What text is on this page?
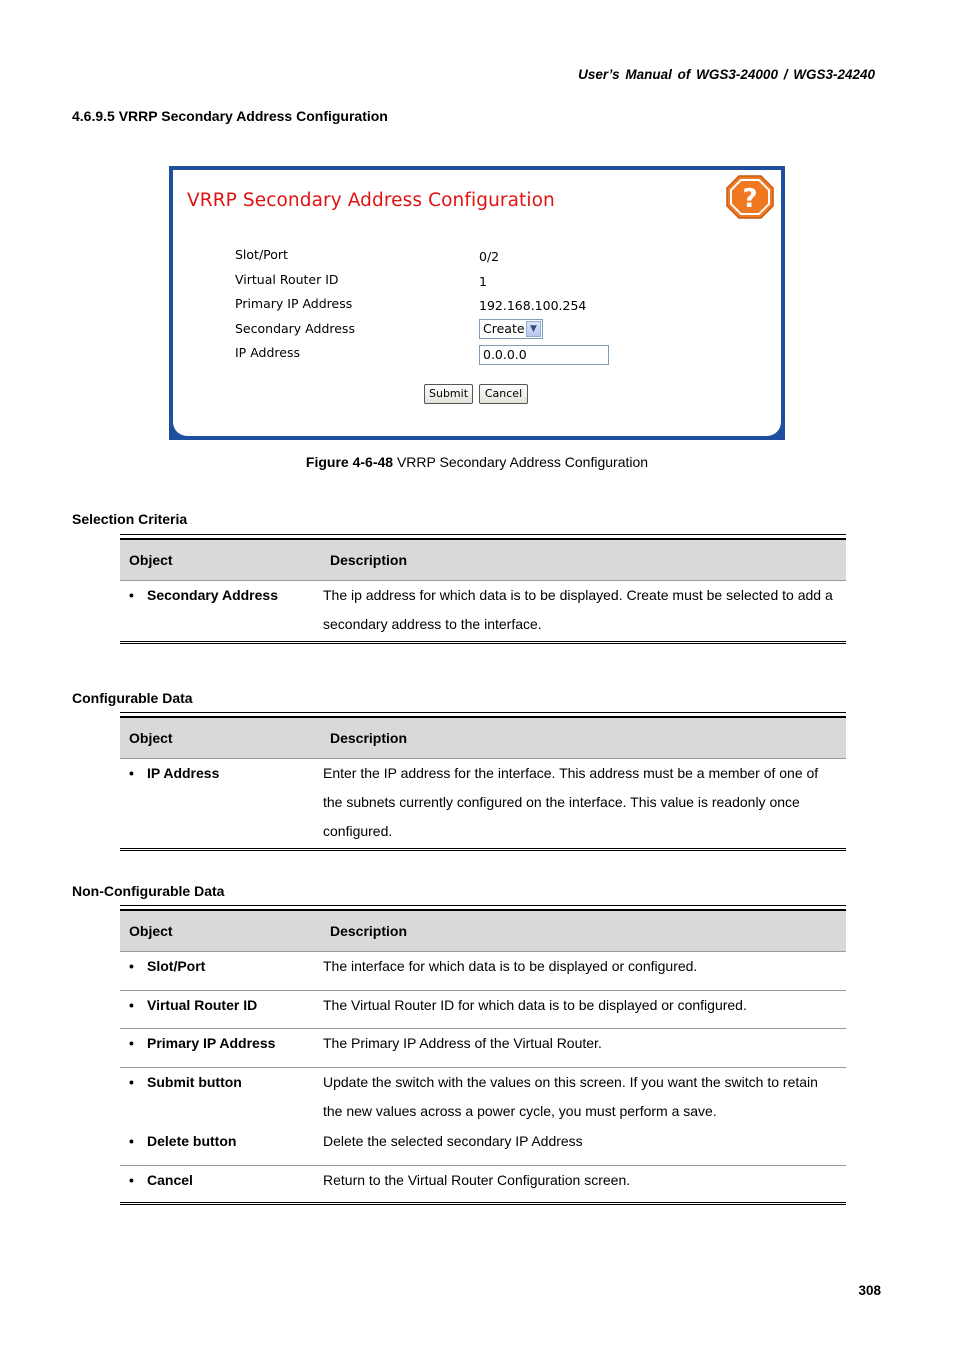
User’s Manual of WGS3-24000 / WGS3-24240
4.6.9.5 VRRP Secondary Address Configuration
VRRP Secondary Address Configuration	?
Slot/Port	0/2
Virtual Router ID	1
Primary IP Address	192.168.100.254
Secondary Address	Create ▼
IP Address	0.0.0.0
Submit	Cancel
Figure 4-6-48 VRRP Secondary Address Configuration
Selection Criteria

Object	Description
• Secondary Address	The ip address for which data is to be displayed. Create must be selected to add a secondary address to the interface.
Configurable Data

Object	Description
• IP Address	Enter the IP address for the interface. This address must be a member of one of the subnets currently configured on the interface. This value is readonly once configured.
Non-Configurable Data

Object	Description
• Slot/Port	The interface for which data is to be displayed or configured.
• Virtual Router ID	The Virtual Router ID for which data is to be displayed or configured.
• Primary IP Address	The Primary IP Address of the Virtual Router.
• Submit button	Update the switch with the values on this screen. If you want the switch to retain the new values across a power cycle, you must perform a save.
• Delete button	Delete the selected secondary IP Address
• Cancel	Return to the Virtual Router Configuration screen.
308
